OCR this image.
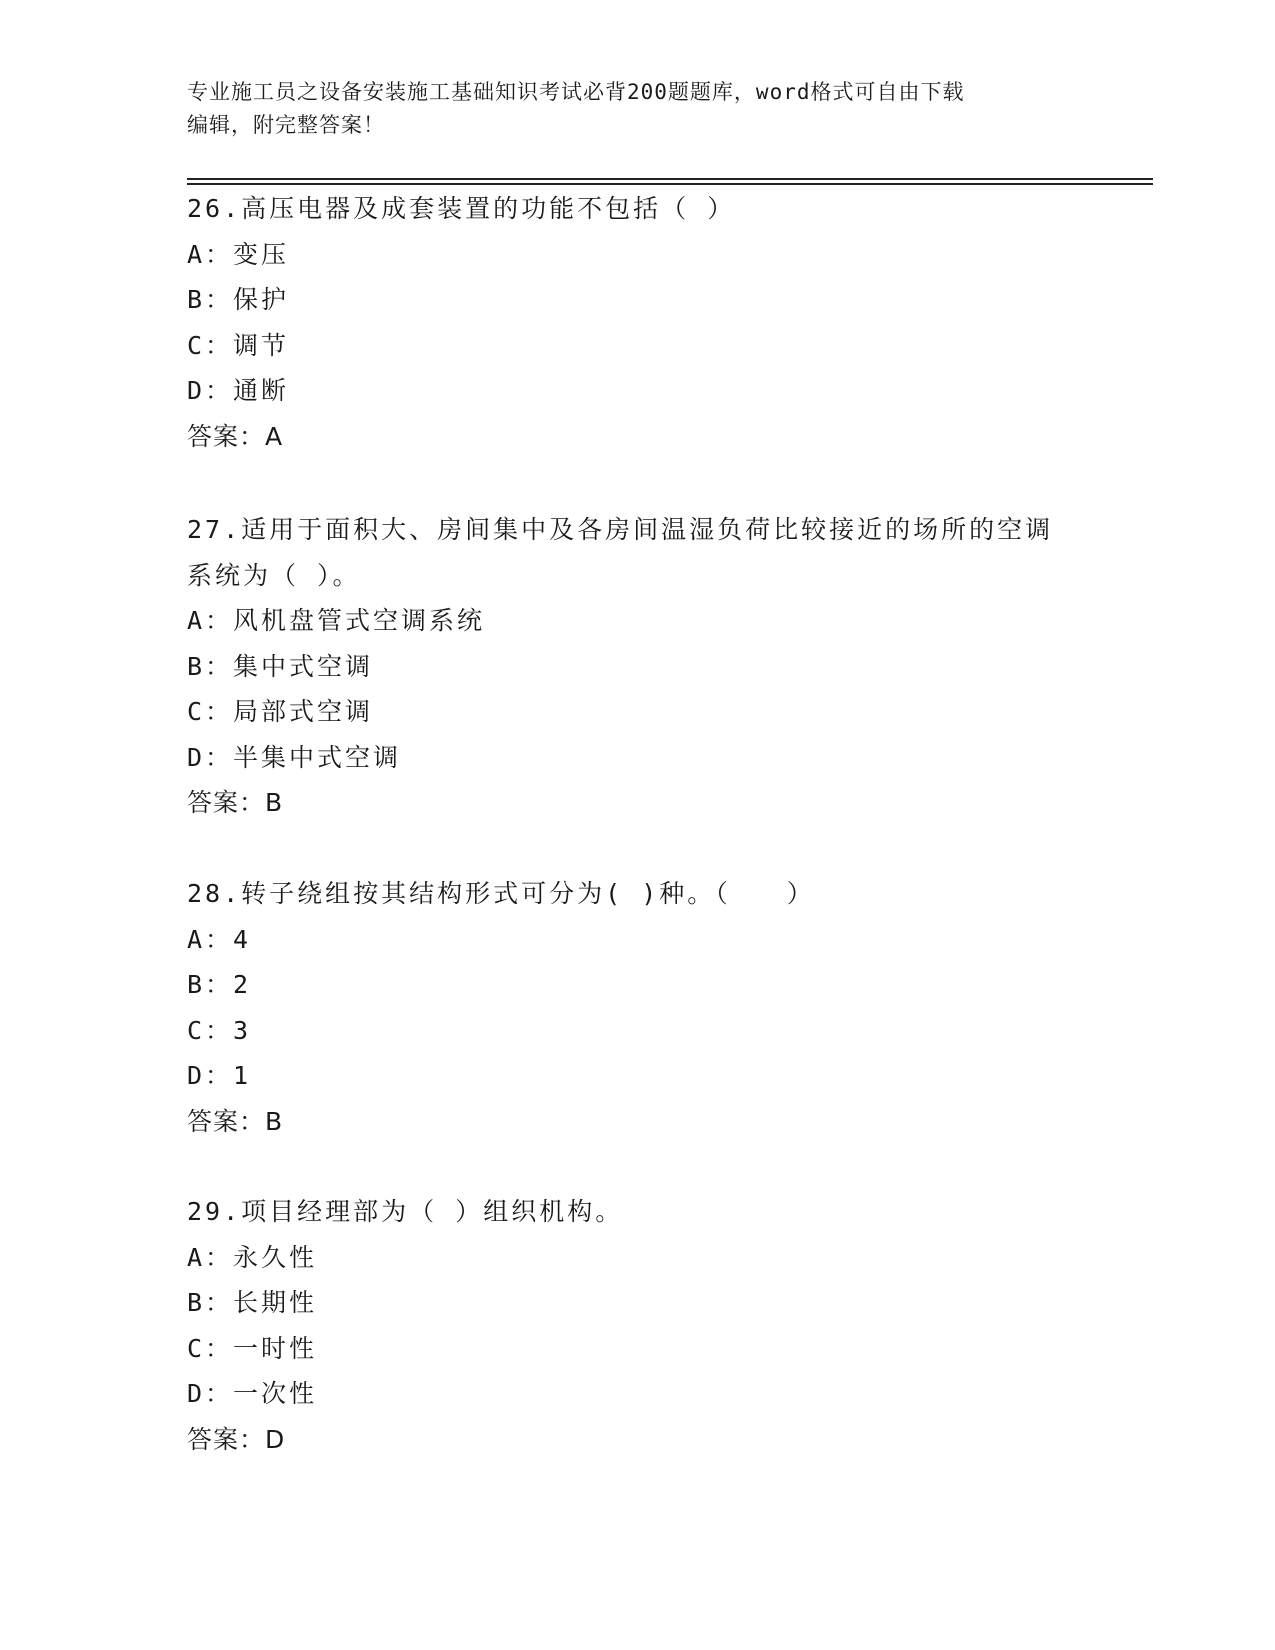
专业施工员之设备安装施工基础知识考试必背200题题库，word格式可自由下载
编辑，附完整答案！
26.高压电器及成套装置的功能不包括（ ）
A：变压
B：保护
C：调节
D：通断
答案：A
27.适用于面积大、房间集中及各房间温湿负荷比较接近的场所的空调
系统为（ ）。
A：风机盘管式空调系统
B：集中式空调
C：局部式空调
D：半集中式空调
答案：B
28.转子绕组按其结构形式可分为( )种。（　　）
A：4
B：2
C：3
D：1
答案：B
29.项目经理部为（ ）组织机构。
A：永久性
B：长期性
C：一时性
D：一次性
答案：D
